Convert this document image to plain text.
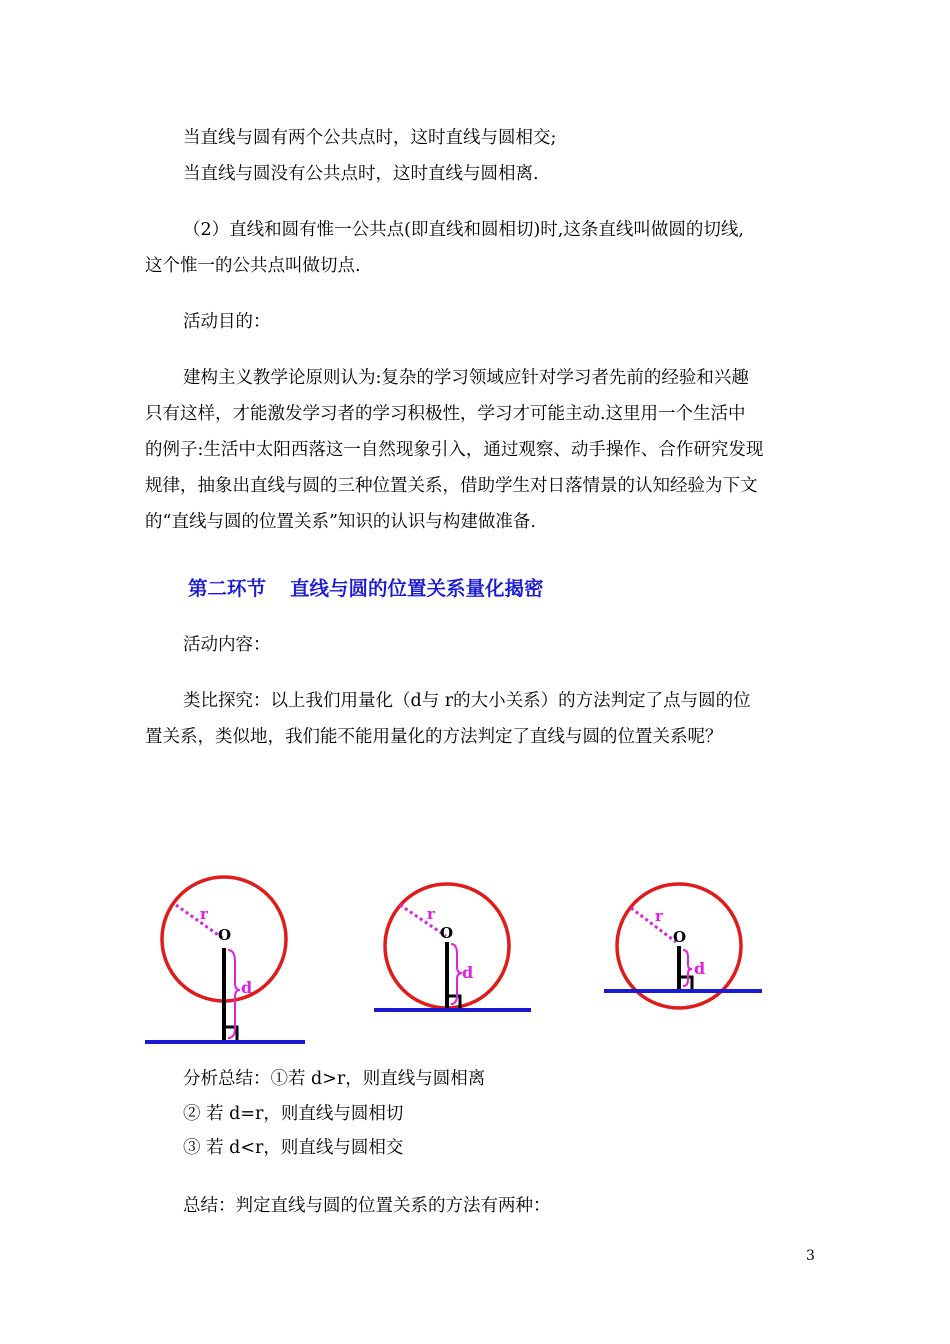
当直线与圆有两个公共点时，这时直线与圆相交;
当直线与圆没有公共点时，这时直线与圆相离.
（2）直线和圆有惟一公共点(即直线和圆相切)时,这条直线叫做圆的切线,
这个惟一的公共点叫做切点.
活动目的：
建构主义教学论原则认为:复杂的学习领域应针对学习者先前的经验和兴趣
只有这样，才能激发学习者的学习积极性，学习才可能主动.这里用一个生活中
的例子:生活中太阳西落这一自然现象引入，通过观察、动手操作、合作研究发现
规律，抽象出直线与圆的三种位置关系，借助学生对日落情景的认知经验为下文
的“直线与圆的位置关系”知识的认识与构建做准备.
第二环节 直线与圆的位置关系量化揭密
活动内容：
类比探究：以上我们用量化（d与 r的大小关系）的方法判定了点与圆的位
置关系，类似地，我们能不能用量化的方法判定了直线与圆的位置关系呢？
r
O
d
r
O
d
r
O
d
分析总结：①若 d>r，则直线与圆相离
② 若 d=r，则直线与圆相切
③ 若 d<r，则直线与圆相交
总结：判定直线与圆的位置关系的方法有两种：
3
